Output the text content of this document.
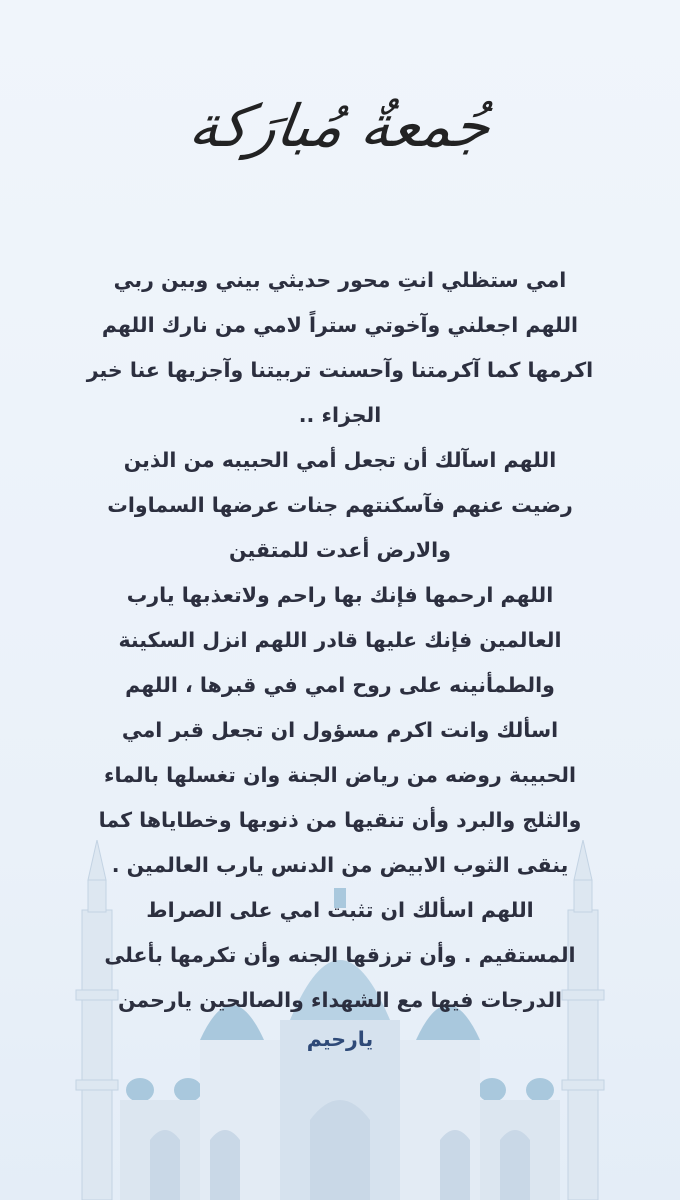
جُمعةٌ مُبارَكة
امي ستظلي انتِ محور حديثي بيني وبين ربي
اللهم اجعلني وآخوتي ستراً لامي من نارك اللهم
اكرمها كما آكرمتنا وآحسنت تربيتنا وآجزيها عنا خير
الجزاء ..
اللهم اسآلك أن تجعل أمي الحبيبه من الذين
رضيت عنهم فآسكنتهم جنات عرضها السماوات
والارض أعدت للمتقين
اللهم ارحمها فإنك بها راحم ولاتعذبها يارب
العالمين فإنك عليها قادر اللهم انزل السكينة
والطمأنينه على روح امي في قبرها ، اللهم
اسألك وانت اكرم مسؤول ان تجعل قبر امي
الحبيبة روضه من رياض الجنة وان تغسلها بالماء
والثلج والبرد وأن تنقيها من ذنوبها وخطاياها كما
ينقى الثوب الابيض من الدنس يارب العالمين .
اللهم اسألك ان تثبت امي على الصراط
المستقيم . وأن ترزقها الجنه وأن تكرمها بأعلى
الدرجات فيها مع الشهداء والصالحين يارحمن
يارحيم
